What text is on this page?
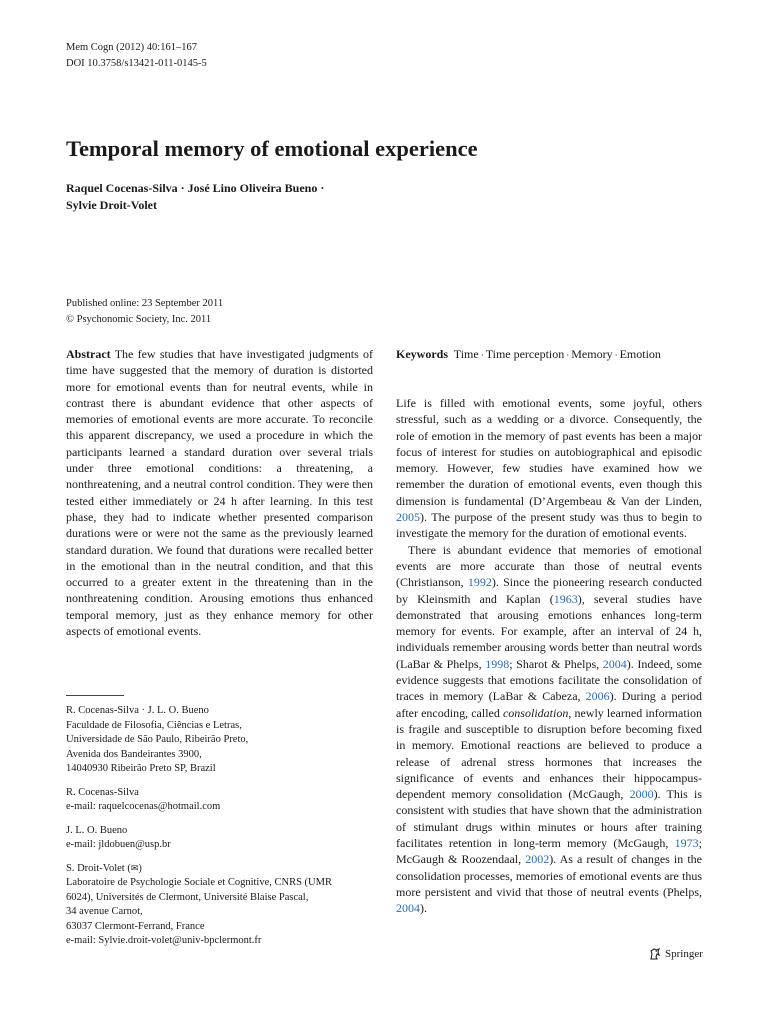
Mem Cogn (2012) 40:161–167
DOI 10.3758/s13421-011-0145-5
Temporal memory of emotional experience
Raquel Cocenas-Silva · José Lino Oliveira Bueno ·
Sylvie Droit-Volet
Published online: 23 September 2011
© Psychonomic Society, Inc. 2011

Abstract The few studies that have investigated judgments of time have suggested that the memory of duration is distorted more for emotional events than for neutral events, while in contrast there is abundant evidence that other aspects of memories of emotional events are more accurate. To reconcile this apparent discrepancy, we used a procedure in which the participants learned a standard duration over several trials under three emotional conditions: a threatening, a nonthreatening, and a neutral control condition. They were then tested either immediately or 24 h after learning. In this test phase, they had to indicate whether presented comparison durations were or were not the same as the previously learned standard duration. We found that durations were recalled better in the emotional than in the neutral condition, and that this occurred to a greater extent in the threatening than in the nonthreatening condition. Arousing emotions thus enhanced temporal memory, just as they enhance memory for other aspects of emotional events.

Keywords Time · Time perception · Memory · Emotion

Life is filled with emotional events, some joyful, others stressful, such as a wedding or a divorce. Consequently, the role of emotion in the memory of past events has been a major focus of interest for studies on autobiographical and episodic memory. However, few studies have examined how we remember the duration of emotional events, even though this dimension is fundamental (D’Argembeau & Van der Linden, 2005). The purpose of the present study was thus to begin to investigate the memory for the duration of emotional events.

There is abundant evidence that memories of emotional events are more accurate than those of neutral events (Christianson, 1992). Since the pioneering research conducted by Kleinsmith and Kaplan (1963), several studies have demonstrated that arousing emotions enhances long-term memory for events. For example, after an interval of 24 h, individuals remember arousing words better than neutral words (LaBar & Phelps, 1998; Sharot & Phelps, 2004). Indeed, some evidence suggests that emotions facilitate the consolidation of traces in memory (LaBar & Cabeza, 2006). During a period after encoding, called consolidation, newly learned information is fragile and susceptible to disruption before becoming fixed in memory. Emotional reactions are believed to produce a release of adrenal stress hormones that increases the significance of events and enhances their hippocampus-dependent memory consolidation (McGaugh, 2000). This is consistent with studies that have shown that the administration of stimulant drugs within minutes or hours after training facilitates retention in long-term memory (McGaugh, 1973; McGaugh & Roozendaal, 2002). As a result of changes in the consolidation processes, memories of emotional events are thus more persistent and vivid that those of neutral events (Phelps, 2004).

R. Cocenas-Silva · J. L. O. Bueno
Faculdade de Filosofia, Ciências e Letras,
Universidade de São Paulo, Ribeirão Preto,
Avenida dos Bandeirantes 3900,
14040930 Ribeirão Preto SP, Brazil
R. Cocenas-Silva
e-mail: raquelcocenas@hotmail.com
J. L. O. Bueno
e-mail: jldobuen@usp.br
S. Droit-Volet (✉)
Laboratoire de Psychologie Sociale et Cognitive, CNRS (UMR
6024), Universités de Clermont, Université Blaise Pascal,
34 avenue Carnot,
63037 Clermont-Ferrand, France
e-mail: Sylvie.droit-volet@univ-bpclermont.fr
Springer
